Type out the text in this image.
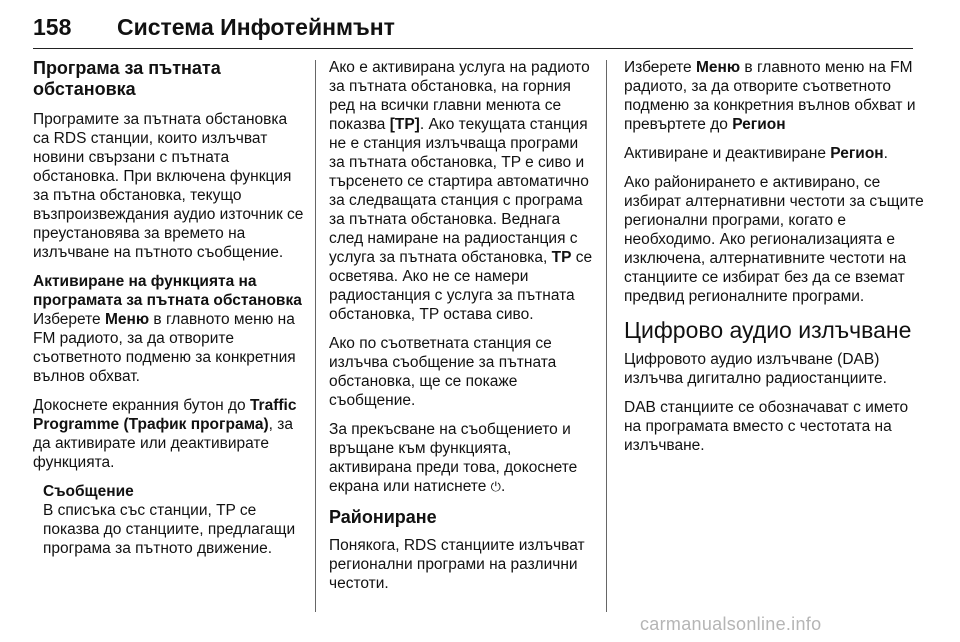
158 Система Инфотейнмънт
Програма за пътната обстановка

Програмите за пътната обстановка са RDS станции, които излъчват новини свързани с пътната обстановка. При включена функция за пътна обстановка, текущо възпроизвеждания аудио източник се преустановява за времето на излъчване на пътното съобщение.

Активиране на функцията на програмата за пътната обстановка

Изберете Меню в главното меню на FM радиото, за да отворите съответното подменю за конкретния вълнов обхват.

Докоснете екранния бутон до Traffic Programme (Трафик програма), за да активирате или деактивирате функцията.

Съобщение
В списъка със станции, TP се показва до станциите, предлагащи програма за пътното движение.

Ако е активирана услуга на радиото за пътната обстановка, на горния ред на всички главни менюта се показва [TP]. Ако текущата станция не е станция излъчваща програми за пътната обстановка, TP е сиво и търсенето се стартира автоматично за следващата станция с програма за пътната обстановка. Веднага след намиране на радиостанция с услуга за пътната обстановка, TP се осветява. Ако не се намери радиостанция с услуга за пътната обстановка, TP остава сиво.

Ако по съответната станция се излъчва съобщение за пътната обстановка, ще се покаже съобщение.

За прекъсване на съобщението и връщане към функцията, активирана преди това, докоснете екрана или натиснете ⏻.

Райониране

Понякога, RDS станциите излъчват регионални програми на различни честоти.

Изберете Меню в главното меню на FM радиото, за да отворите съответното подменю за конкретния вълнов обхват и превъртете до Регион

Активиране и деактивиране Регион.

Ако районирането е активирано, се избират алтернативни честоти за същите регионални програми, когато е необходимо. Ако регионализацията е изключена, алтернативните честоти на станциите се избират без да се вземат предвид регионалните програми.

Цифрово аудио излъчване

Цифровото аудио излъчване (DAB) излъчва дигитално радиостанциите.

DAB станциите се обозначават с името на програмата вместо с честотата на излъчване.

carmanualsonline.info
